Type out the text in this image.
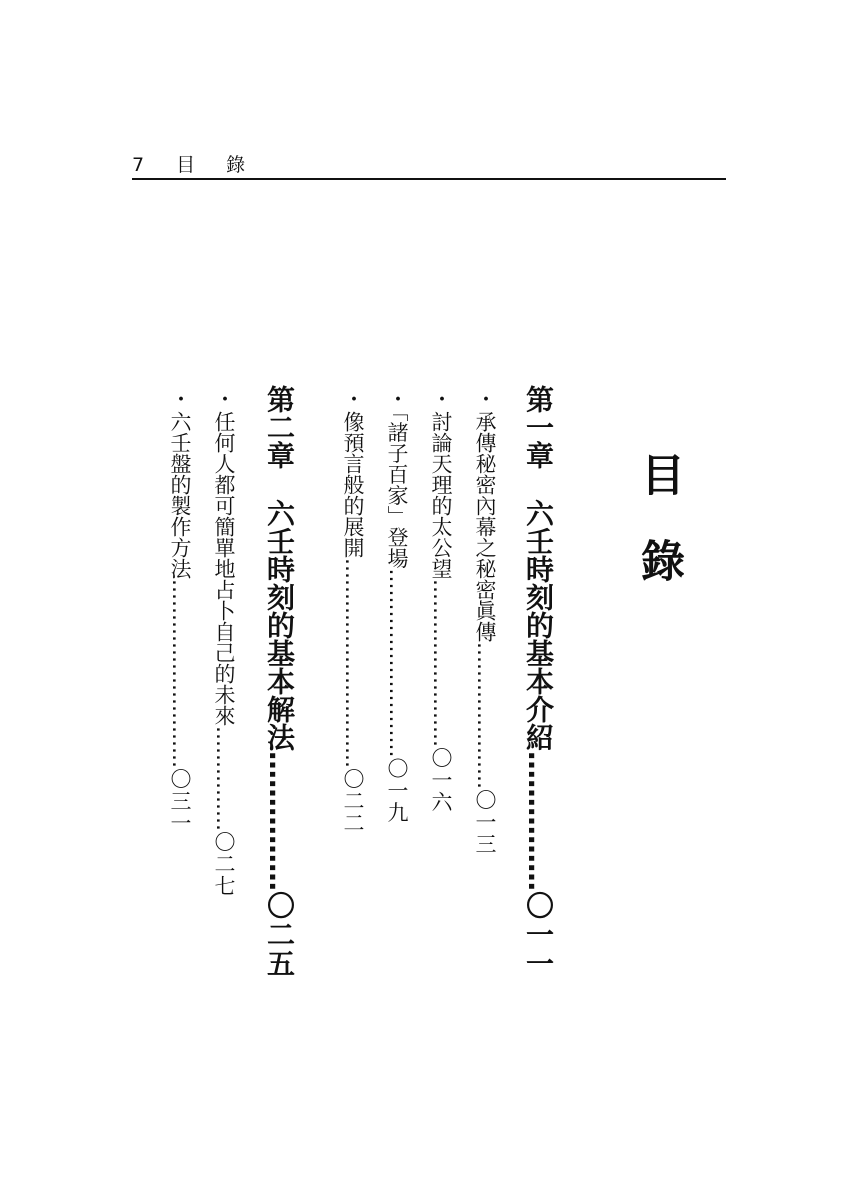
7 目　錄
目錄
第一章六壬時刻的基本介紹……………〇一一
・承傳秘密內幕之秘密眞傳…………………〇一三
・討論天理的太公望……………………〇一六
・「諸子百家」登場………………………〇一九
・像預言般的展開…………………………〇二二
第二章六壬時刻的基本解法……………〇二五
・任何人都可簡單地占卜自己的未來……………〇二七
・六壬盤的製作方法………………………〇三一
